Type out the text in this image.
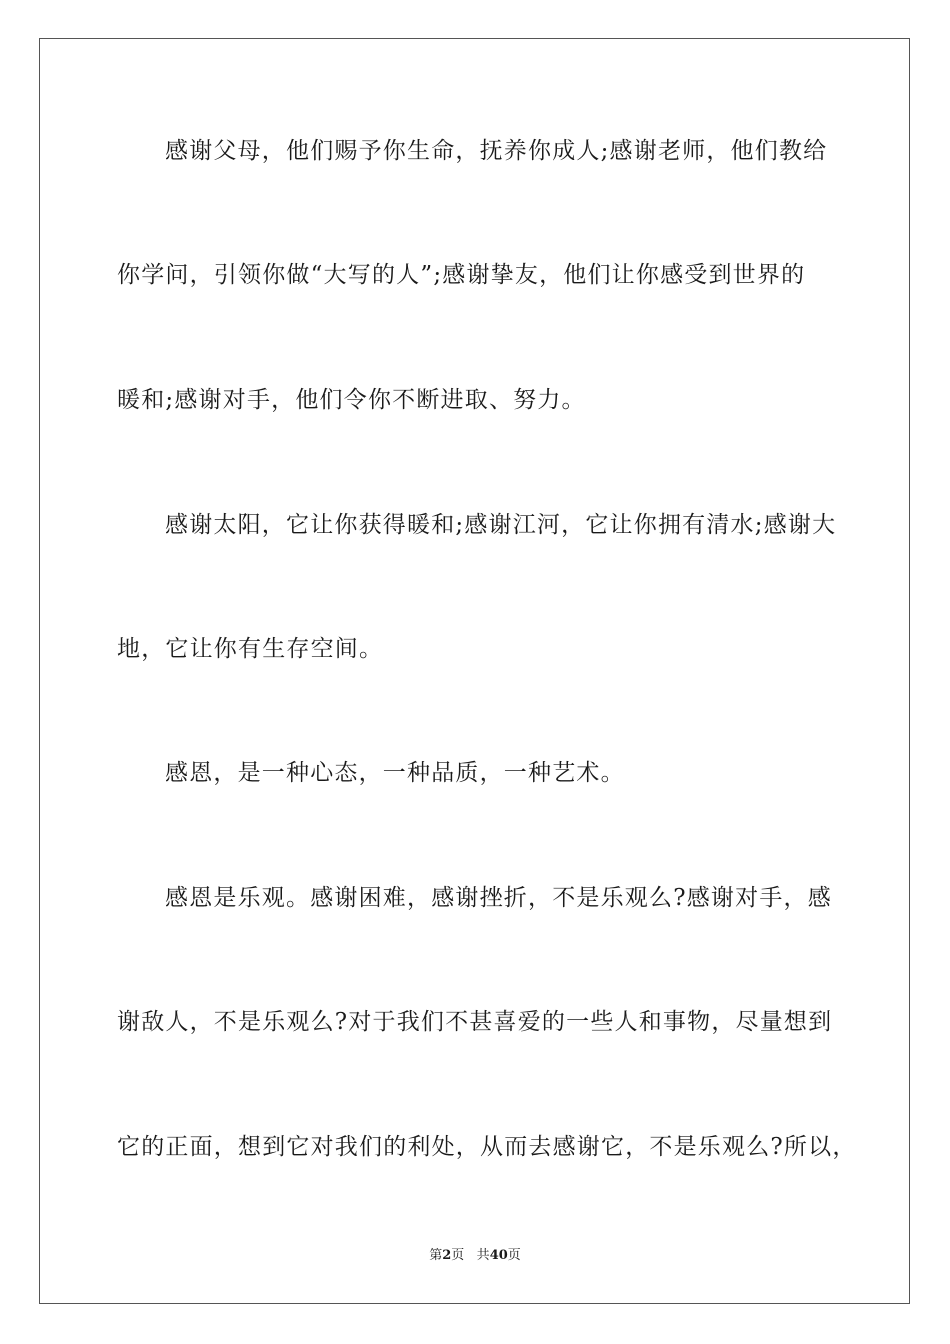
感谢父母，他们赐予你生命，抚养你成人;感谢老师，他们教给
你学问，引领你做“大写的人”;感谢挚友，他们让你感受到世界的
暖和;感谢对手，他们令你不断进取、努力。
感谢太阳，它让你获得暖和;感谢江河，它让你拥有清水;感谢大
地，它让你有生存空间。
感恩，是一种心态，一种品质，一种艺术。
感恩是乐观。感谢困难，感谢挫折，不是乐观么?感谢对手，感
谢敌人，不是乐观么?对于我们不甚喜爱的一些人和事物，尽量想到
它的正面，想到它对我们的利处，从而去感谢它，不是乐观么?所以，
第2页 共40页
